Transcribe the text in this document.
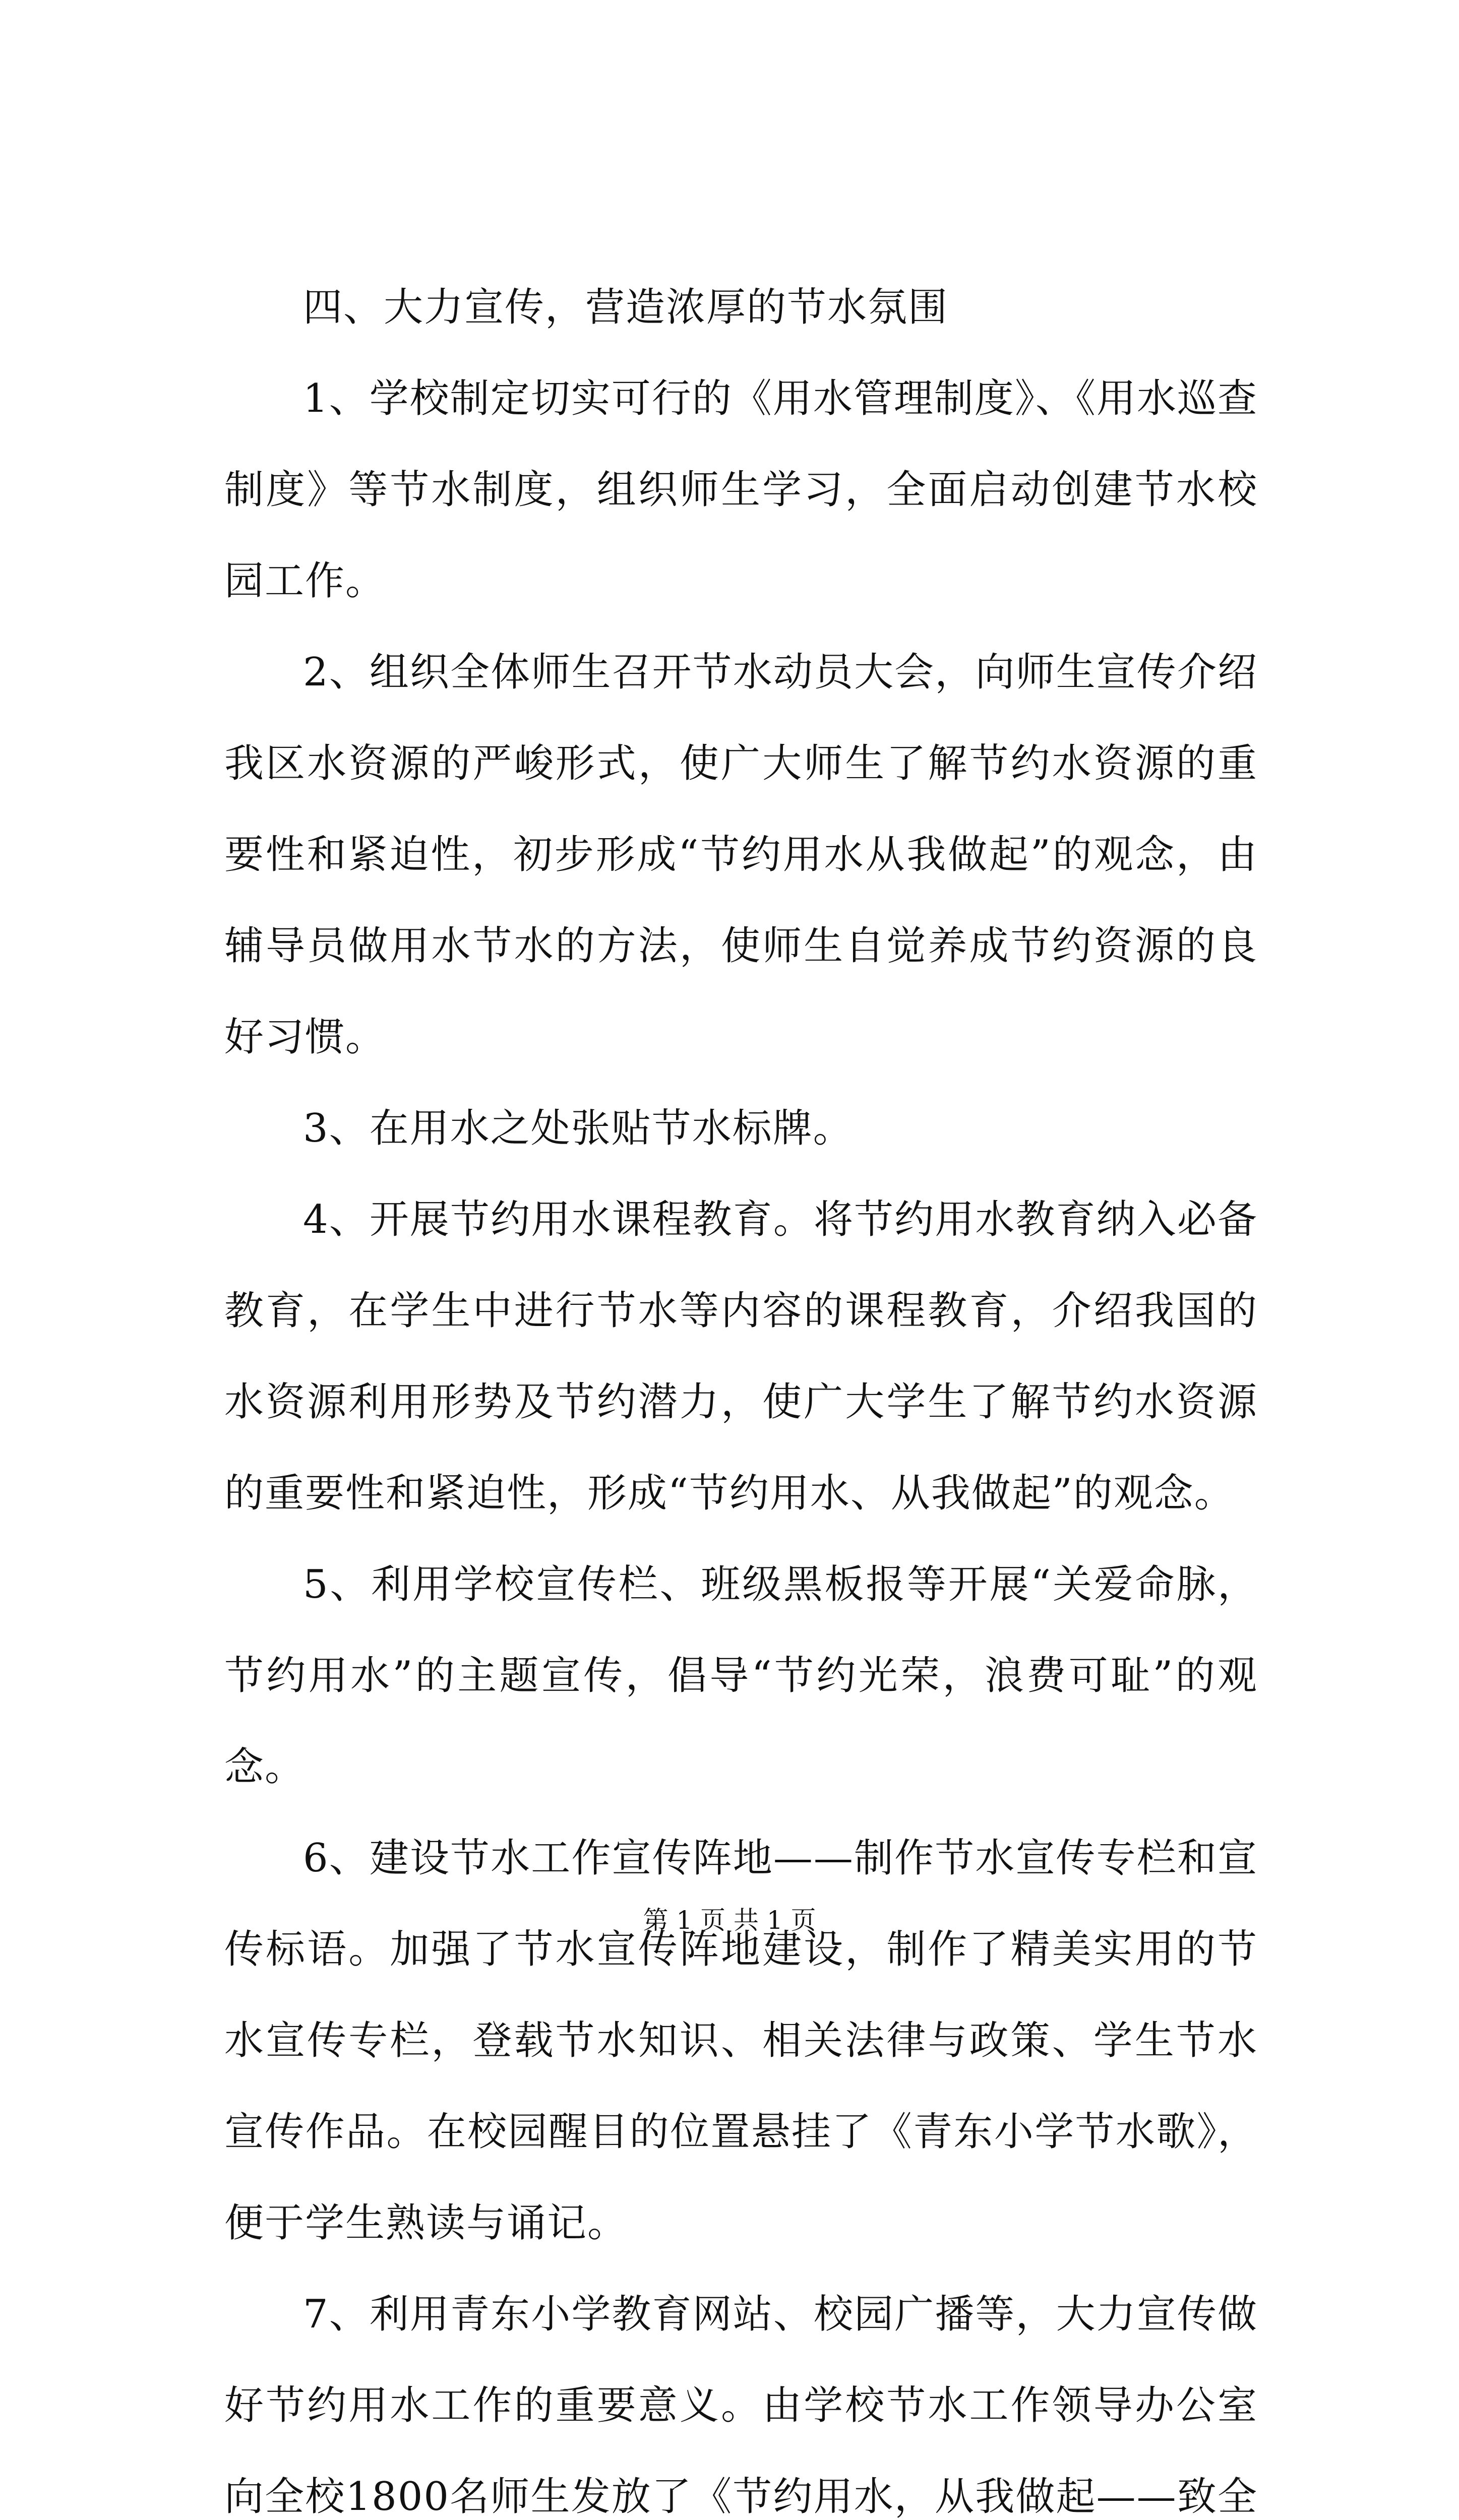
四、大力宣传，营造浓厚的节水氛围

1、学校制定切实可行的《用水管理制度》、《用水巡查制度》等节水制度，组织师生学习，全面启动创建节水校园工作。

2、组织全体师生召开节水动员大会，向师生宣传介绍我区水资源的严峻形式，使广大师生了解节约水资源的重要性和紧迫性，初步形成“节约用水从我做起”的观念，由辅导员做用水节水的方法，使师生自觉养成节约资源的良好习惯。

3、在用水之处张贴节水标牌。

4、开展节约用水课程教育。将节约用水教育纳入必备教育，在学生中进行节水等内容的课程教育，介绍我国的水资源利用形势及节约潜力，使广大学生了解节约水资源的重要性和紧迫性，形成“节约用水、从我做起”的观念。

5、利用学校宣传栏、班级黑板报等开展“关爱命脉，节约用水”的主题宣传，倡导“节约光荣，浪费可耻”的观念。

6、建设节水工作宣传阵地——制作节水宣传专栏和宣传标语。加强了节水宣传阵地建设，制作了精美实用的节水宣传专栏，登载节水知识、相关法律与政策、学生节水宣传作品。在校园醒目的位置悬挂了《青东小学节水歌》，便于学生熟读与诵记。

7、利用青东小学教育网站、校园广播等，大力宣传做好节约用水工作的重要意义。由学校节水工作领导办公室向全校1800名师生发放了《节约用水，从我做起——致全

第 1 页 共 1 页
